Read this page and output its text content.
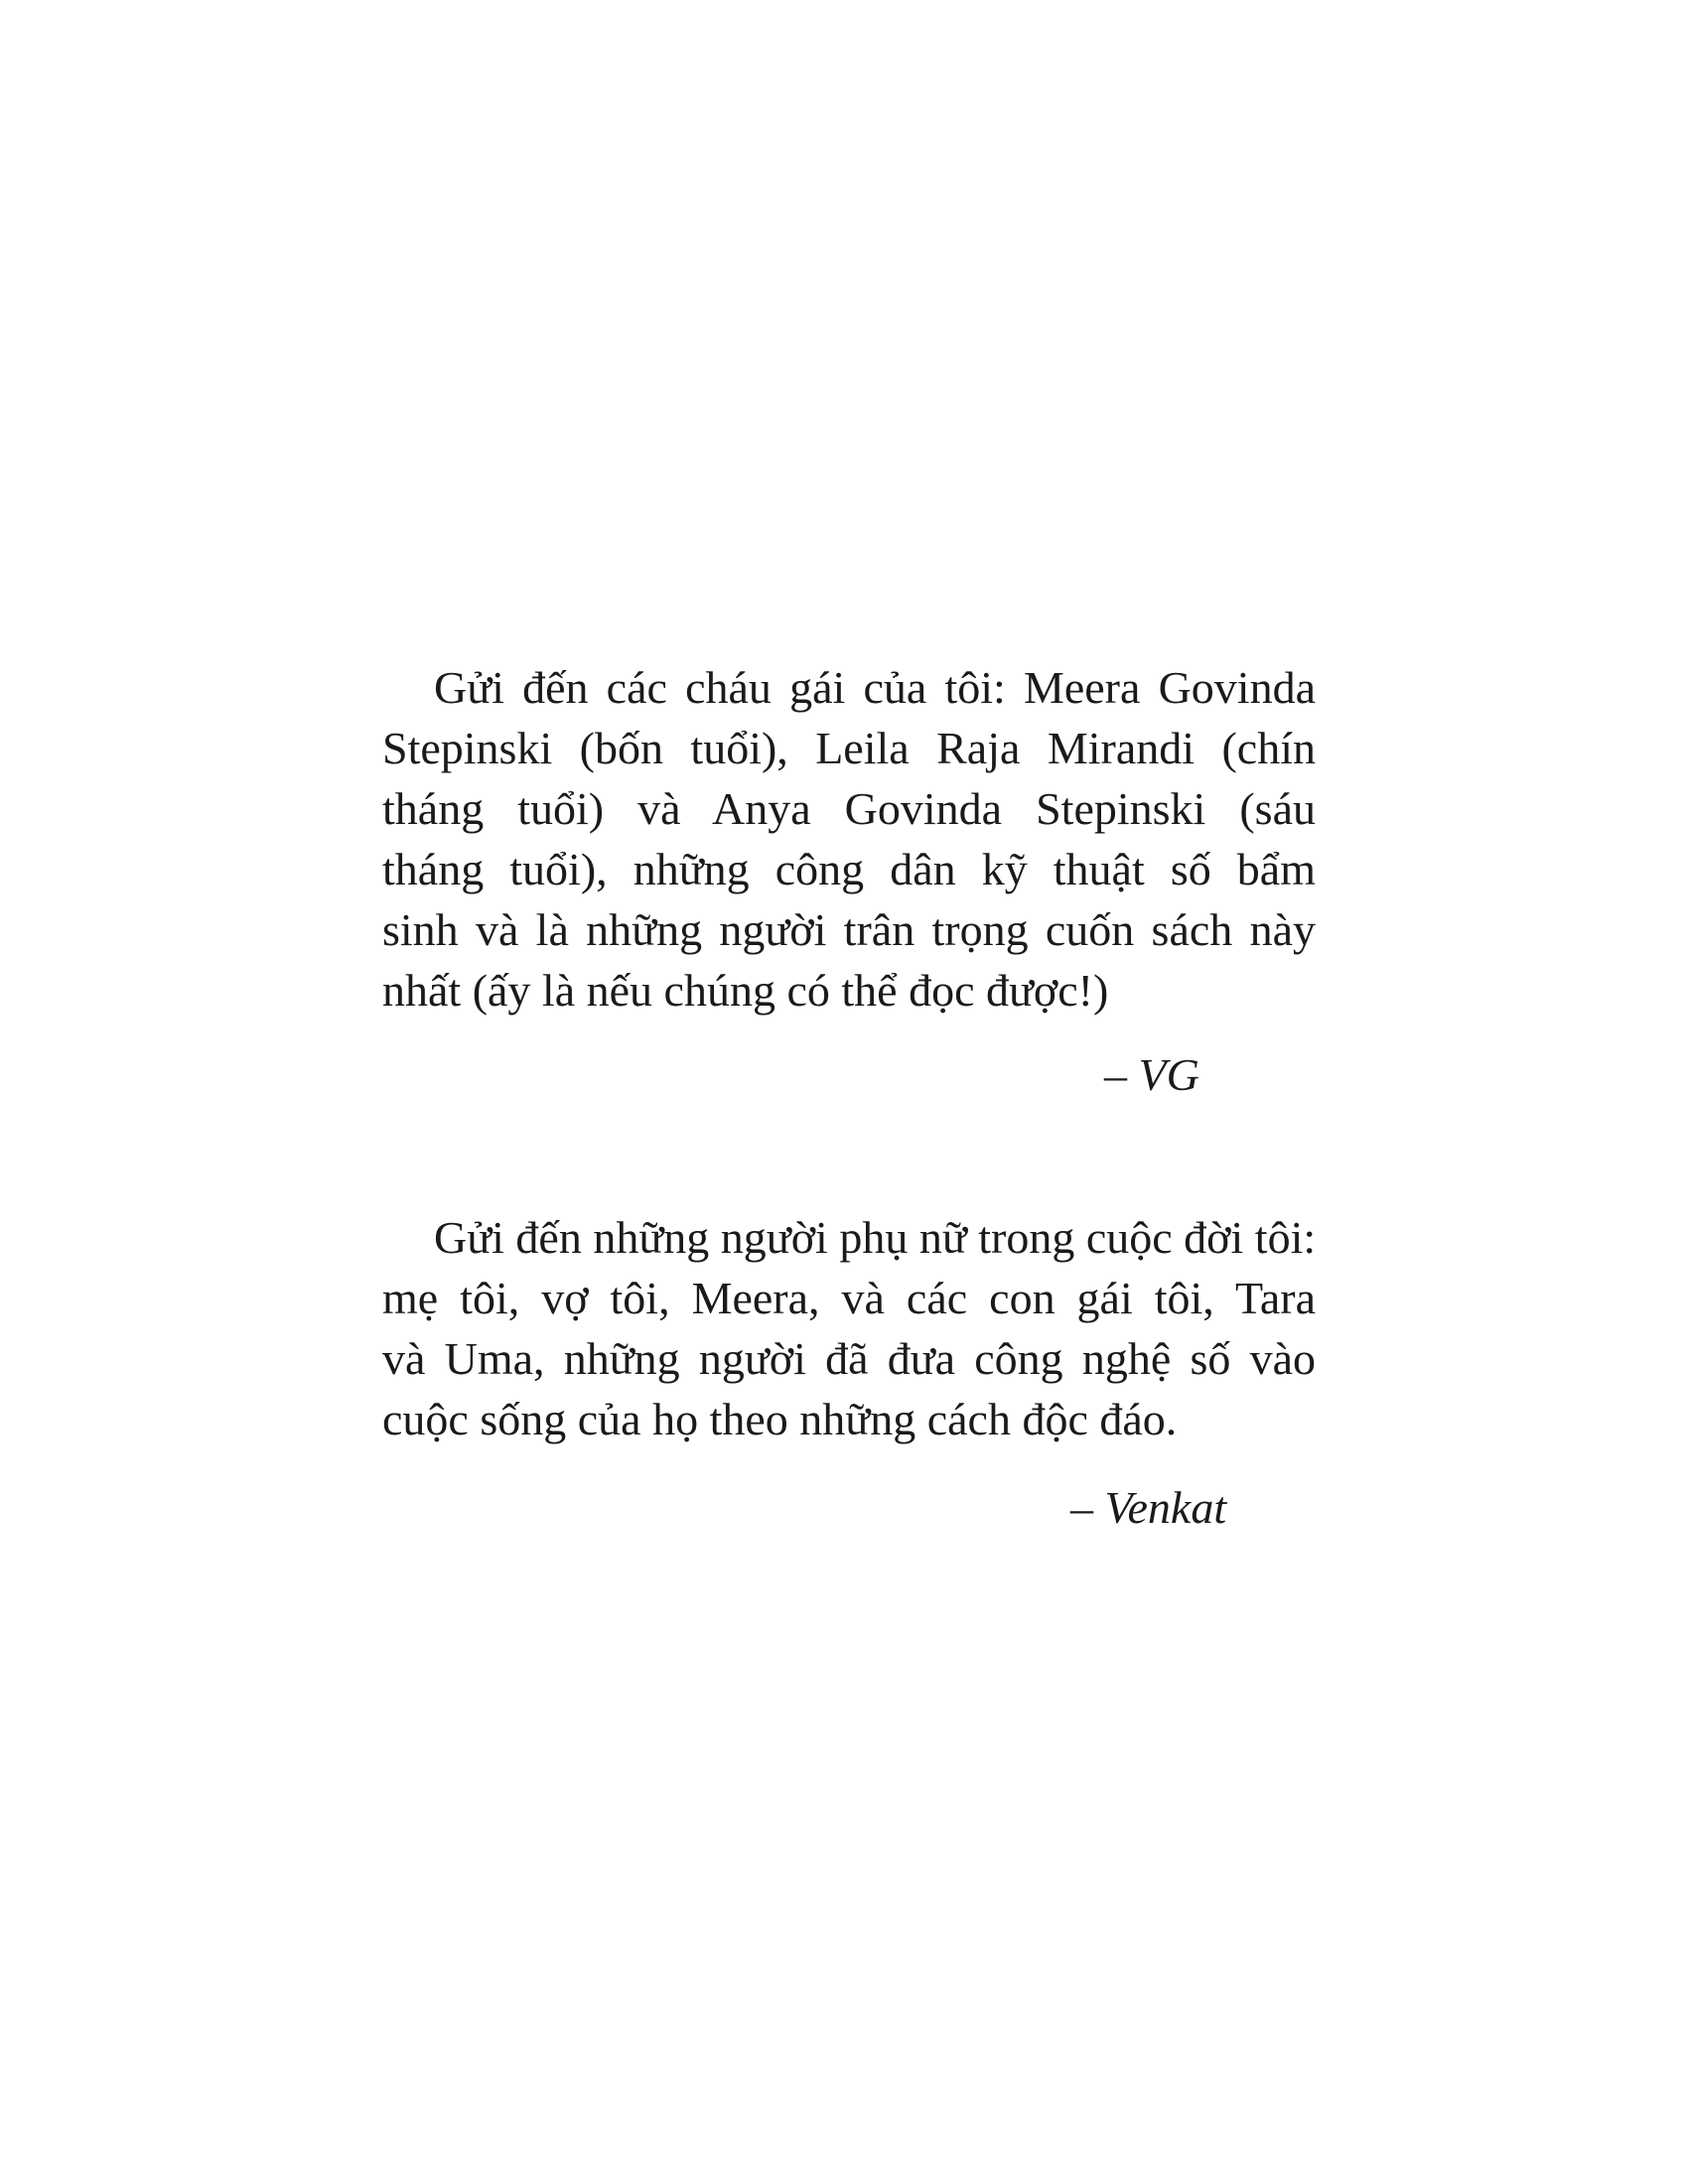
Gửi đến các cháu gái của tôi: Meera Govinda
Stepinski (bốn tuổi), Leila Raja Mirandi (chín
tháng tuổi) và Anya Govinda Stepinski (sáu
tháng tuổi), những công dân kỹ thuật số bẩm
sinh và là những người trân trọng cuốn sách này
nhất (ấy là nếu chúng có thể đọc được!)
– VG
Gửi đến những người phụ nữ trong cuộc đời tôi:
mẹ tôi, vợ tôi, Meera, và các con gái tôi, Tara
và Uma, những người đã đưa công nghệ số vào
cuộc sống của họ theo những cách độc đáo.
– Venkat
